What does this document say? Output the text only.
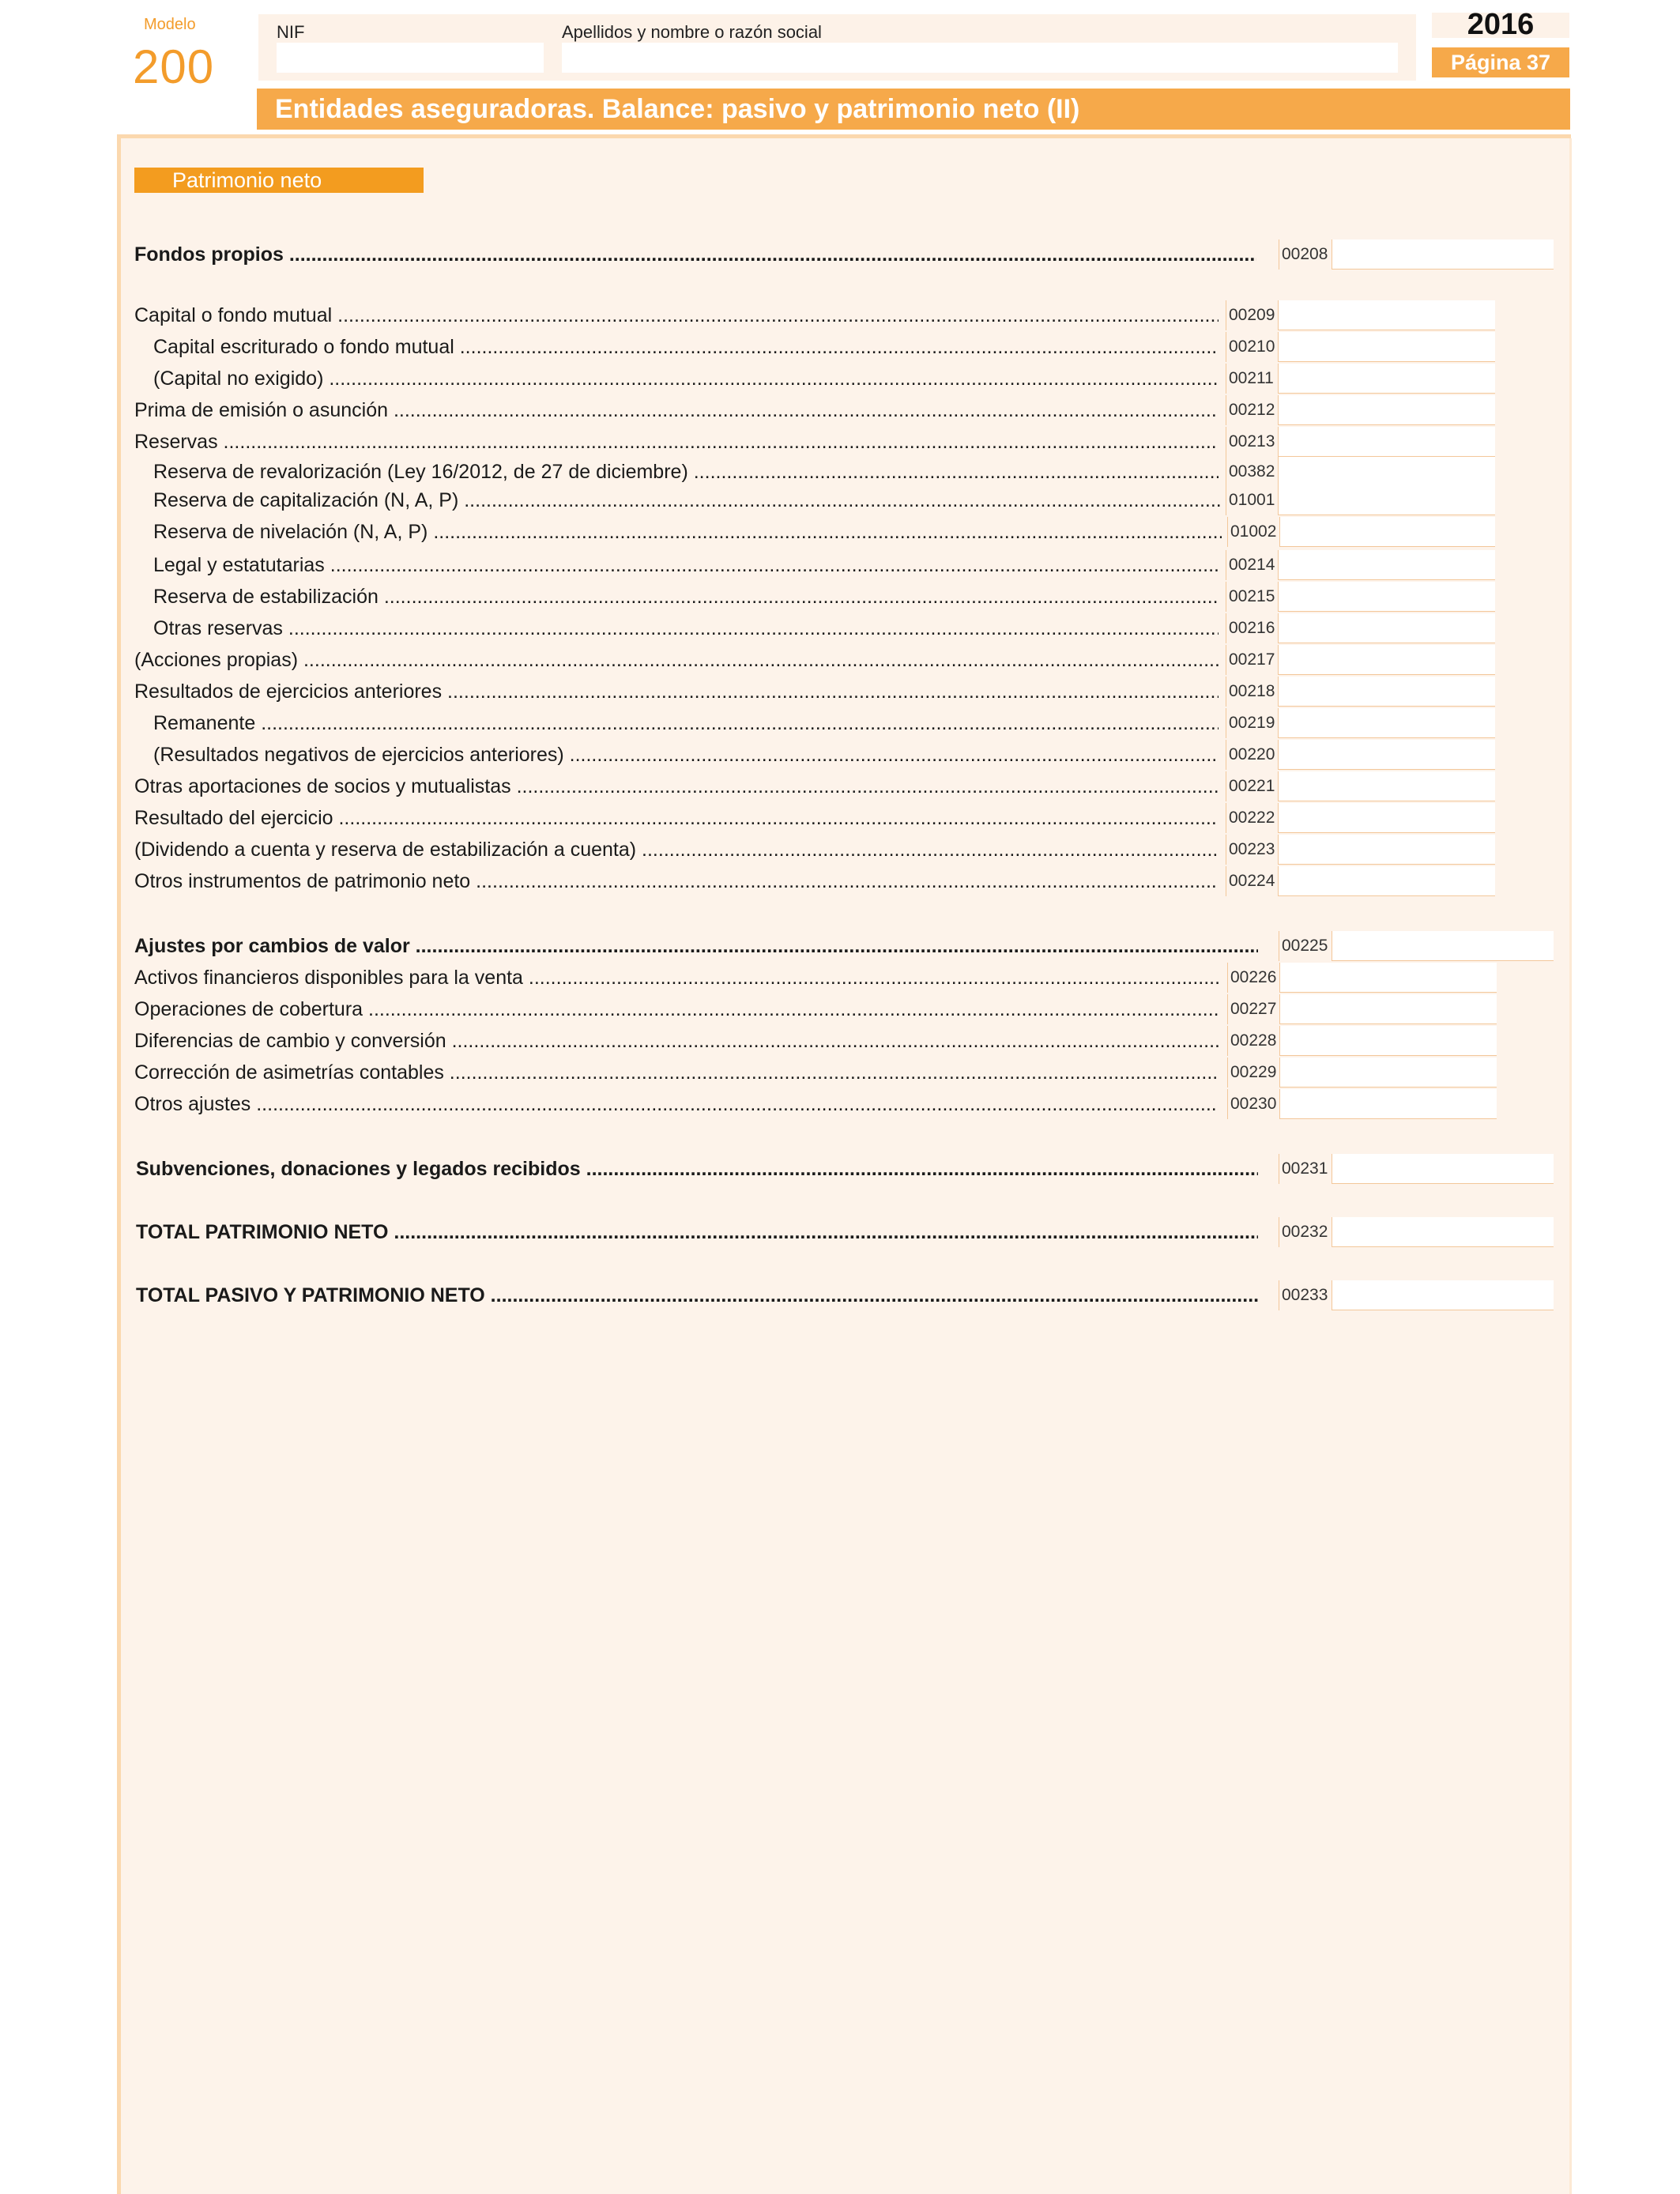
Modelo
200
NIF	Apellidos y nombre o razón social	2016
Página 37
Entidades aseguradoras. Balance: pasivo y patrimonio neto (II)
Patrimonio neto
Fondos propios .....	00208
Capital o fondo mutual .....	00209
Capital escriturado o fondo mutual .....	00210
(Capital no exigido) .....	00211
Prima de emisión o asunción .....	00212
Reservas .....	00213
Reserva de revalorización (Ley 16/2012, de 27 de diciembre) .....	00382
Reserva de capitalización (N, A, P) .....	01001
Reserva de nivelación (N, A, P) .....	01002
Legal y estatutarias .....	00214
Reserva de estabilización .....	00215
Otras reservas .....	00216
(Acciones propias) .....	00217
Resultados de ejercicios anteriores .....	00218
Remanente .....	00219
(Resultados negativos de ejercicios anteriores) .....	00220
Otras aportaciones de socios y mutualistas .....	00221
Resultado del ejercicio .....	00222
(Dividendo a cuenta y reserva de estabilización a cuenta) .....	00223
Otros instrumentos de patrimonio neto .....	00224
Ajustes por cambios de valor .....	00225
Activos financieros disponibles para la venta .....	00226
Operaciones de cobertura .....	00227
Diferencias de cambio y conversión .....	00228
Corrección de asimetrías contables .....	00229
Otros ajustes .....	00230
Subvenciones, donaciones y legados recibidos .....	00231
TOTAL PATRIMONIO NETO .....	00232
TOTAL PASIVO Y PATRIMONIO NETO .....	00233
